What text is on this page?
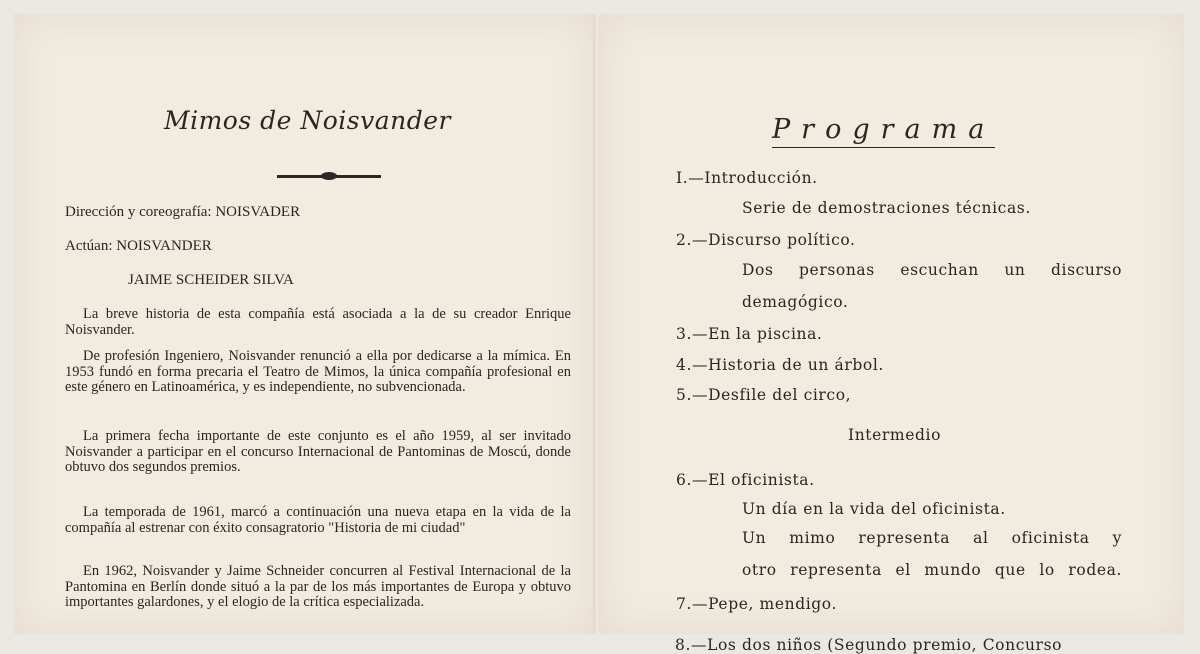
Mimos de Noisvander
Dirección y coreografía: NOISVADER
Actúan: NOISVANDER
JAIME SCHEIDER SILVA
La breve historia de esta compañía está asociada a la de su creador Enrique Noisvander.
De profesión Ingeniero, Noisvander renunció a ella por dedicarse a la mímica. En 1953 fundó en forma precaria el Teatro de Mimos, la única compañía profesional en este género en Latinoamérica, y es independiente, no subvencionada.
La primera fecha importante de este conjunto es el año 1959, al ser invitado Noisvander a participar en el concurso Internacional de Pantominas de Moscú, donde obtuvo dos segundos premios.
La temporada de 1961, marcó a continuación una nueva etapa en la vida de la compañía al estrenar con éxito consagratorio "Historia de mi ciudad"
En 1962, Noisvander y Jaime Schneider concurren al Festival Internacional de la Pantomina en Berlín donde situó a la par de los más importantes de Europa y obtuvo importantes galardones, y el elogio de la crítica especializada.
Programa
I.—Introducción.
Serie de demostraciones técnicas.
2.—Discurso político.
Dos personas escuchan un discurso
demagógico.
3.—En la piscina.
4.—Historia de un árbol.
5.—Desfile del circo,
Intermedio
6.—El oficinista.
Un día en la vida del oficinista.
Un mimo representa al oficinista y
otro representa el mundo que lo rodea.
7.—Pepe, mendigo.
8.—Los dos niños (Segundo premio, Concurso
